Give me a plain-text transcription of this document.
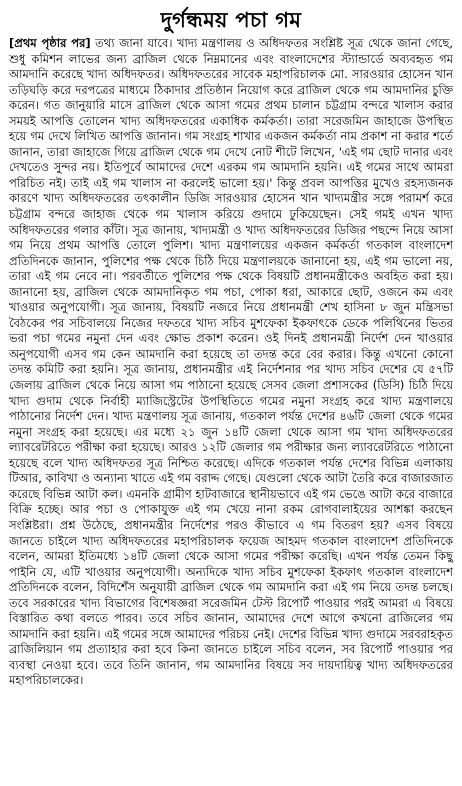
দুর্গন্ধময় পচা গম

[প্রথম পৃষ্ঠার পর] তথ্য জানা যাবে। খাদ্য মন্ত্রণালয় ও অধিদফতর সংশ্লিষ্ট সূত্র থেকে জানা গেছে, শুধু কমিশন লাভের জন্য ব্রাজিল থেকে নিম্নমানের এবং বাংলাদেশের স্ট্যান্ডার্ডে অব্যবহৃত গম আমদানি করেছে খাদ্য অধিদফতর। অধিদফতরের সাবেক মহাপরিচালক মো. সারওয়ার হোসেন খান তড়িঘড়ি করে দরপত্রের মাধ্যমে ঠিকাদার প্রতিষ্ঠান নিয়োগ করে ব্রাজিল থেকে গম আমদানির চুক্তি করেন। গত জানুয়ারি মাসে ব্রাজিল থেকে আসা গমের প্রথম চালান চট্টগ্রাম বন্দরে খালাস করার সময়ই আপত্তি তোলেন খাদ্য অধিদফতরের একাধিক কর্মকর্তা। তারা সরেজমিন জাহাজে উপস্থিত হয়ে গম দেখে লিখিত আপত্তি জানান। গম সংগ্রহ শাখার একজন কর্মকর্তা নাম প্রকাশ না করার শর্তে জানান, তারা জাহাজে গিয়ে ব্রাজিল থেকে গম দেখে নোট শীটে লিখেন, 'এই গম ছোট দানার এবং দেখতেও সুন্দর নয়। ইতিপূর্বে আমাদের দেশে এরকম গম আমদানি হয়নি। এই গমের সাথে আমরা পরিচিত নই। তাই এই গম খালাস না করলেই ভালো হয়।' কিন্তু প্রবল আপত্তির মুখেও রহস্যজনক কারণে খাদ্য অধিদফতরের তৎকালীন ডিজি সারওয়ার হোসেন খান খাদ্যমন্ত্রীর সঙ্গে পরামর্শ করে চট্টগ্রাম বন্দরে জাহাজ থেকে গম খালাস করিয়ে গুদামে ঢুকিয়েছেন। সেই গমই এখন খাদ্য অধিদফতরের গলার কাঁটা। সূত্র জানায়, খাদ্যমন্ত্রী ও খাদ্য অধিদফতরের ডিজির পছন্দে নিয়ে আসা গম নিয়ে প্রথম আপত্তি তোলে পুলিশ। খাদ্য মন্ত্রণালয়ের একজন কর্মকর্তা গতকাল বাংলাদেশ প্রতিদিনকে জানান, পুলিশের পক্ষ থেকে চিঠি দিয়ে মন্ত্রণালয়কে জানানো হয়, এই গম ভালো নয়, তারা এই গম নেবে না। পরবর্তীতে পুলিশের পক্ষ থেকে বিষয়টি প্রধানমন্ত্রীকেও অবহিত করা হয়। জানানো হয়, ব্রাজিল থেকে আমদানিকৃত গম পচা, পোকা ধরা, আকারে ছোট, ওজনে কম এবং খাওয়ার অনুপযোগী। সূত্র জানায়, বিষয়টি নজরে নিয়ে প্রধানমন্ত্রী শেখ হাসিনা ৮ জুন মন্ত্রিসভা বৈঠকের পর সচিবালয়ে নিজের দফতরে খাদ্য সচিব মুশফেকা ইকফাৎকে ডেকে পলিথিনের ভিতর ভরা পচা গমের নমুনা দেন এবং ক্ষোভ প্রকাশ করেন। ওই দিনই প্রধানমন্ত্রী নির্দেশ দেন খাওয়ার অনুপযোগী এসব গম কেন আমদানি করা হয়েছে তা তদন্ত করে বের করার। কিন্তু এখনো কোনো তদন্ত কমিটি করা হয়নি। সূত্র জানায়, প্রধানমন্ত্রীর এই নির্দেশনার পর খাদ্য সচিব দেশের যে ৫৭টি জেলায় ব্রাজিল থেকে নিয়ে আসা গম পাঠানো হয়েছে সেসব জেলা প্রশাসকের (ডিসি) চিঠি দিয়ে খাদ্য গুদাম থেকে নির্বাহী ম্যাজিস্ট্রেটের উপস্থিতিতে গমের নমুনা সংগ্রহ করে খাদ্য মন্ত্রণালয়ে পাঠানোর নির্দেশ দেন। খাদ্য মন্ত্রণালয় সূত্র জানায়, গতকাল পর্যন্ত দেশের ৪৬টি জেলা থেকে গমের নমুনা সংগ্রহ করা হয়েছে। এর মধ্যে ২১ জুন ১৪টি জেলা থেকে আসা গম খাদ্য অধিদফতরের ল্যাবরেটরিতে পরীক্ষা করা হয়েছে। আরও ১২টি জেলার গম পরীক্ষার জন্য ল্যাবরেটরিতে পাঠানো হয়েছে বলে খাদ্য অধিদফতর সূত্র নিশ্চিত করেছে। এদিকে গতকাল পর্যন্ত দেশের বিভিন্ন এলাকায় টিআর, কাবিখা ও অন্যান্য খাতে এই গম বরাদ্দ গেছে। যেগুলো থেকে আটা তৈরি করে বাজারজাত করেছে বিভিন্ন আটা কল। এমনকি গ্রামীণ হাটবাজারে স্থানীয়ভাবে এই গম ভেঙে আটা করে বাজারে বিক্রি হচ্ছে। আর পচা ও পোকাযুক্ত এই গম খেয়ে নানা রকম রোগবালাইয়ের আশঙ্কা করছেন সংশ্লিষ্টরা। প্রশ্ন উঠেছে, প্রধানমন্ত্রীর নির্দেশের পরও কীভাবে এ গম বিতরণ হয়? এসব বিষয়ে জানতে চাইলে খাদ্য অধিদফতরের মহাপরিচালক ফয়েজ আহমদ গতকাল বাংলাদেশ প্রতিদিনকে বলেন, আমরা ইতিমধ্যে ১৪টি জেলা থেকে আসা গমের পরীক্ষা করেছি। এখন পর্যন্ত তেমন কিছু পাইনি যে, এটি খাওয়ার অনুপযোগী। অন্যদিকে খাদ্য সচিব মুশফেকা ইকফাৎ গতকাল বাংলাদেশ প্রতিদিনকে বলেন, বিদিশেঁস অনুযায়ী ব্রাজিল থেকে গম আমদানি করা এই গম নিয়ে তদন্ত চলছে। তবে সরকারের খাদ্য বিভাগের বিশেষজ্ঞরা সরেজমিন টেস্ট রিপোর্ট পাওয়ার পরই আমরা এ বিষয়ে বিস্তারিত কথা বলতে পারব। তবে সচিব জানান, আমাদের দেশে আগে কখনো ব্রাজিলের গম আমদানি করা হয়নি। এই গমের সঙ্গে আমাদের পরিচয় নেই। দেশের বিভিন্ন খাদ্য গুদামে সরবরাহকৃত ব্রাজিলিয়ান গম প্রত্যাহার করা হবে কিনা জানতে চাইলে সচিব বলেন, সব রিপোর্ট পাওয়ার পর ব্যবস্থা নেওয়া হবে। তবে তিনি জানান, গম আমদানির বিষয়ে সব দায়দায়িত্ব খাদ্য অধিদফতরের মহাপরিচালকের।
